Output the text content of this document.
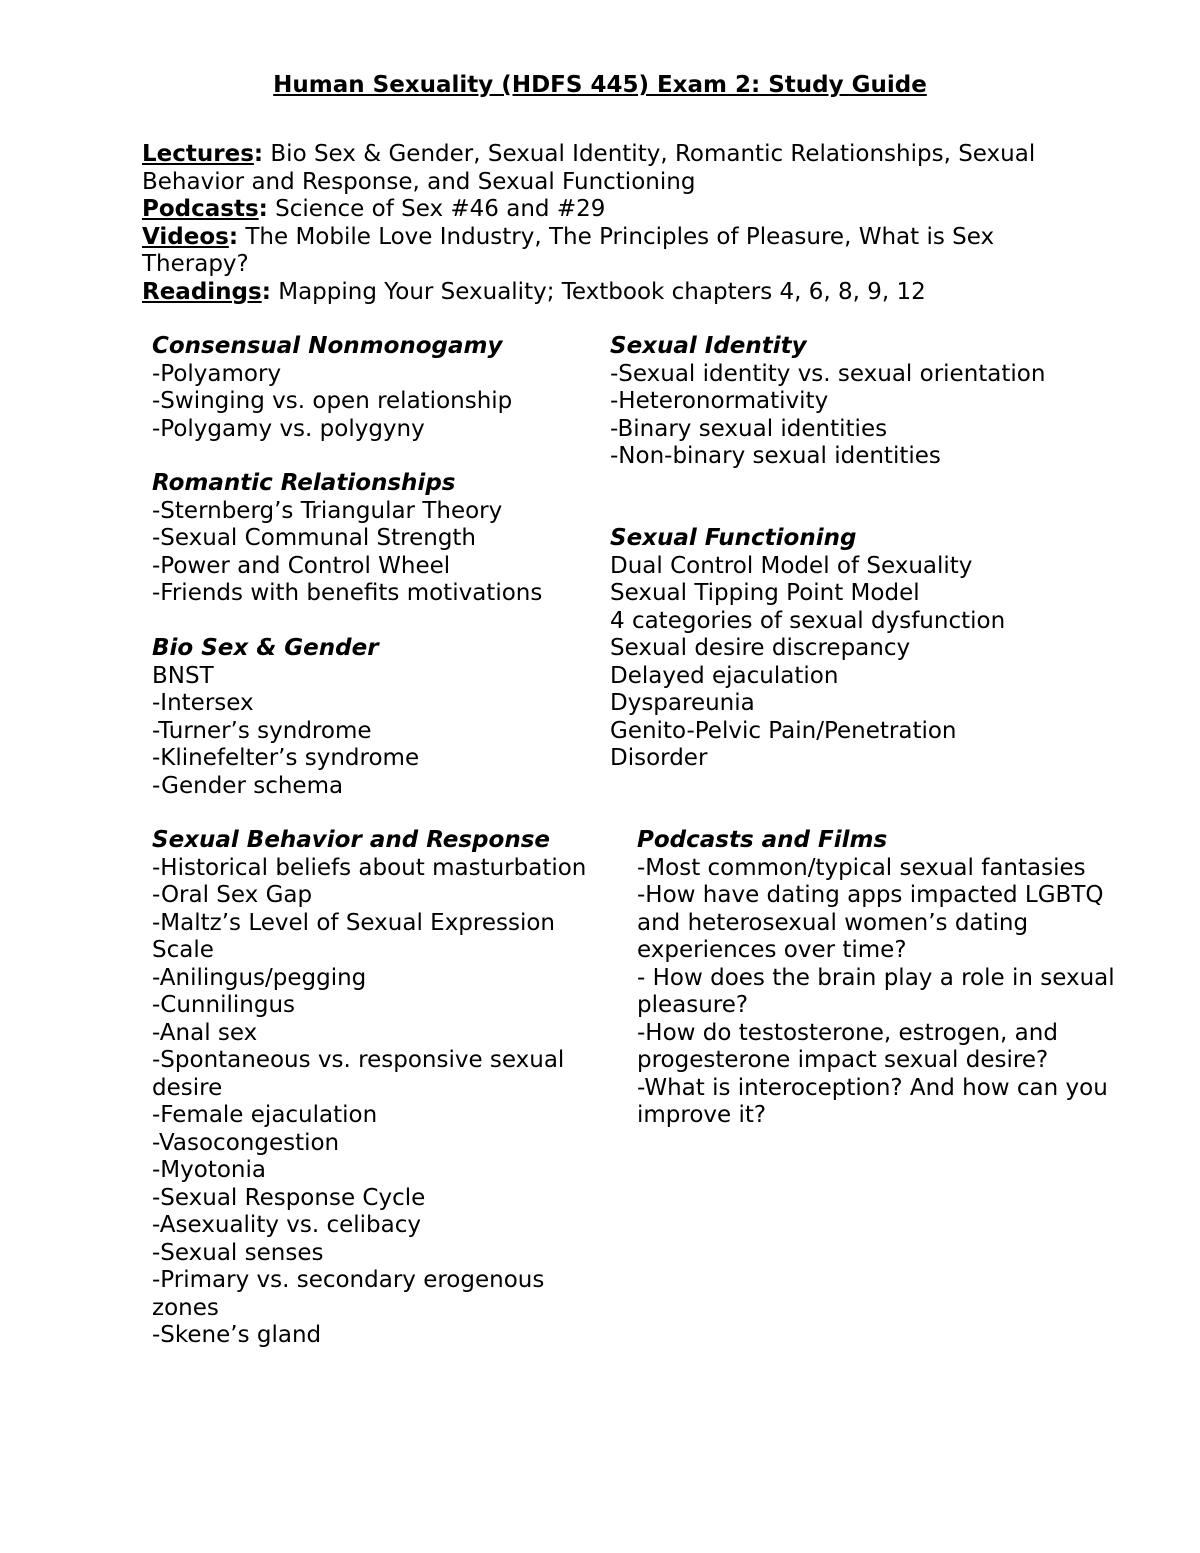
Human Sexuality (HDFS 445) Exam 2: Study Guide

Lectures: Bio Sex & Gender, Sexual Identity, Romantic Relationships, Sexual Behavior and Response, and Sexual Functioning

Podcasts: Science of Sex #46 and #29

Videos: The Mobile Love Industry, The Principles of Pleasure, What is Sex Therapy?

Readings: Mapping Your Sexuality; Textbook chapters 4, 6, 8, 9, 12

Consensual Nonmonogamy

-Polyamory

-Swinging vs. open relationship

-Polygamy vs. polygyny

Romantic Relationships

-Sternberg’s Triangular Theory

-Sexual Communal Strength

-Power and Control Wheel

-Friends with benefits motivations

Bio Sex & Gender

BNST

-Intersex

-Turner’s syndrome

-Klinefelter’s syndrome

-Gender schema

Sexual Behavior and Response

-Historical beliefs about masturbation

-Oral Sex Gap

-Maltz’s Level of Sexual Expression Scale

-Anilingus/pegging

-Cunnilingus

-Anal sex

-Spontaneous vs. responsive sexual desire

-Female ejaculation

-Vasocongestion

-Myotonia

-Sexual Response Cycle

-Asexuality vs. celibacy

-Sexual senses

-Primary vs. secondary erogenous zones

-Skene’s gland

Sexual Identity

-Sexual identity vs. sexual orientation

-Heteronormativity

-Binary sexual identities

-Non-binary sexual identities

Sexual Functioning

Dual Control Model of Sexuality

Sexual Tipping Point Model

4 categories of sexual dysfunction

Sexual desire discrepancy

Delayed ejaculation

Dyspareunia

Genito-Pelvic Pain/Penetration Disorder

Podcasts and Films

-Most common/typical sexual fantasies

-How have dating apps impacted LGBTQ and heterosexual women’s dating experiences over time?

- How does the brain play a role in sexual pleasure?

-How do testosterone, estrogen, and progesterone impact sexual desire?

-What is interoception? And how can you improve it?
